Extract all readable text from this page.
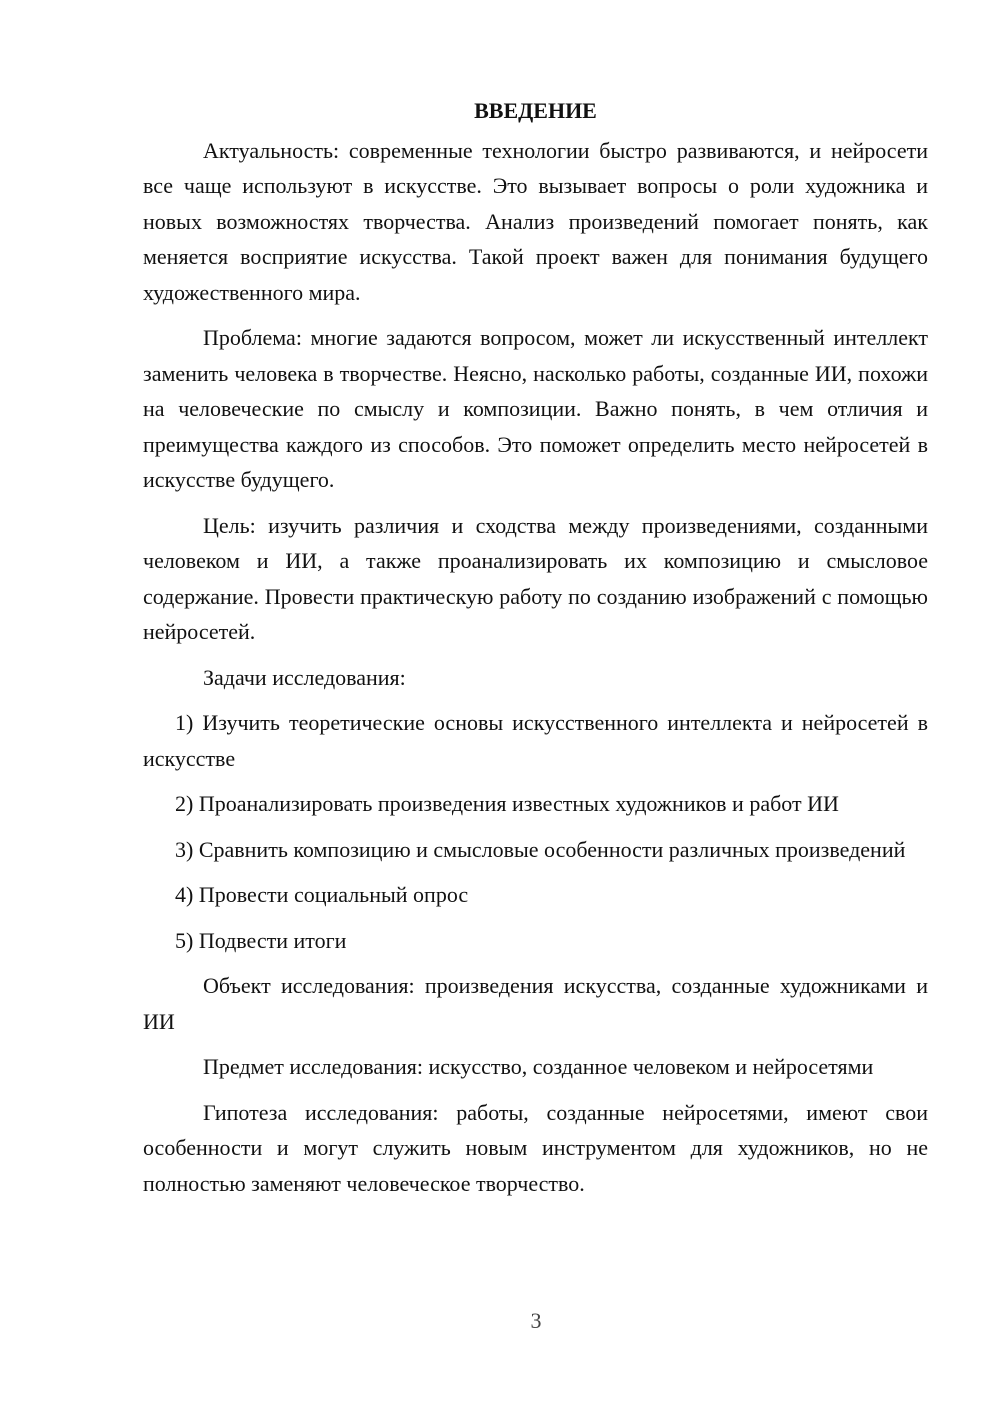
ВВЕДЕНИЕ

Актуальность: современные технологии быстро развиваются, и нейросети все чаще используют в искусстве. Это вызывает вопросы о роли художника и новых возможностях творчества. Анализ произведений помогает понять, как меняется восприятие искусства. Такой проект важен для понимания будущего художественного мира.

Проблема: многие задаются вопросом, может ли искусственный интеллект заменить человека в творчестве. Неясно, насколько работы, созданные ИИ, похожи на человеческие по смыслу и композиции. Важно понять, в чем отличия и преимущества каждого из способов. Это поможет определить место нейросетей в искусстве будущего.

Цель: изучить различия и сходства между произведениями, созданными человеком и ИИ, а также проанализировать их композицию и смысловое содержание. Провести практическую работу по созданию изображений с помощью нейросетей.

Задачи исследования:

1) Изучить теоретические основы искусственного интеллекта и нейросетей в искусстве

2) Проанализировать произведения известных художников и работ ИИ

3) Сравнить композицию и смысловые особенности различных произведений

4) Провести социальный опрос

5) Подвести итоги

Объект исследования: произведения искусства, созданные художниками и ИИ

Предмет исследования: искусство, созданное человеком и нейросетями

Гипотеза исследования: работы, созданные нейросетями, имеют свои особенности и могут служить новым инструментом для художников, но не полностью заменяют человеческое творчество.

3
